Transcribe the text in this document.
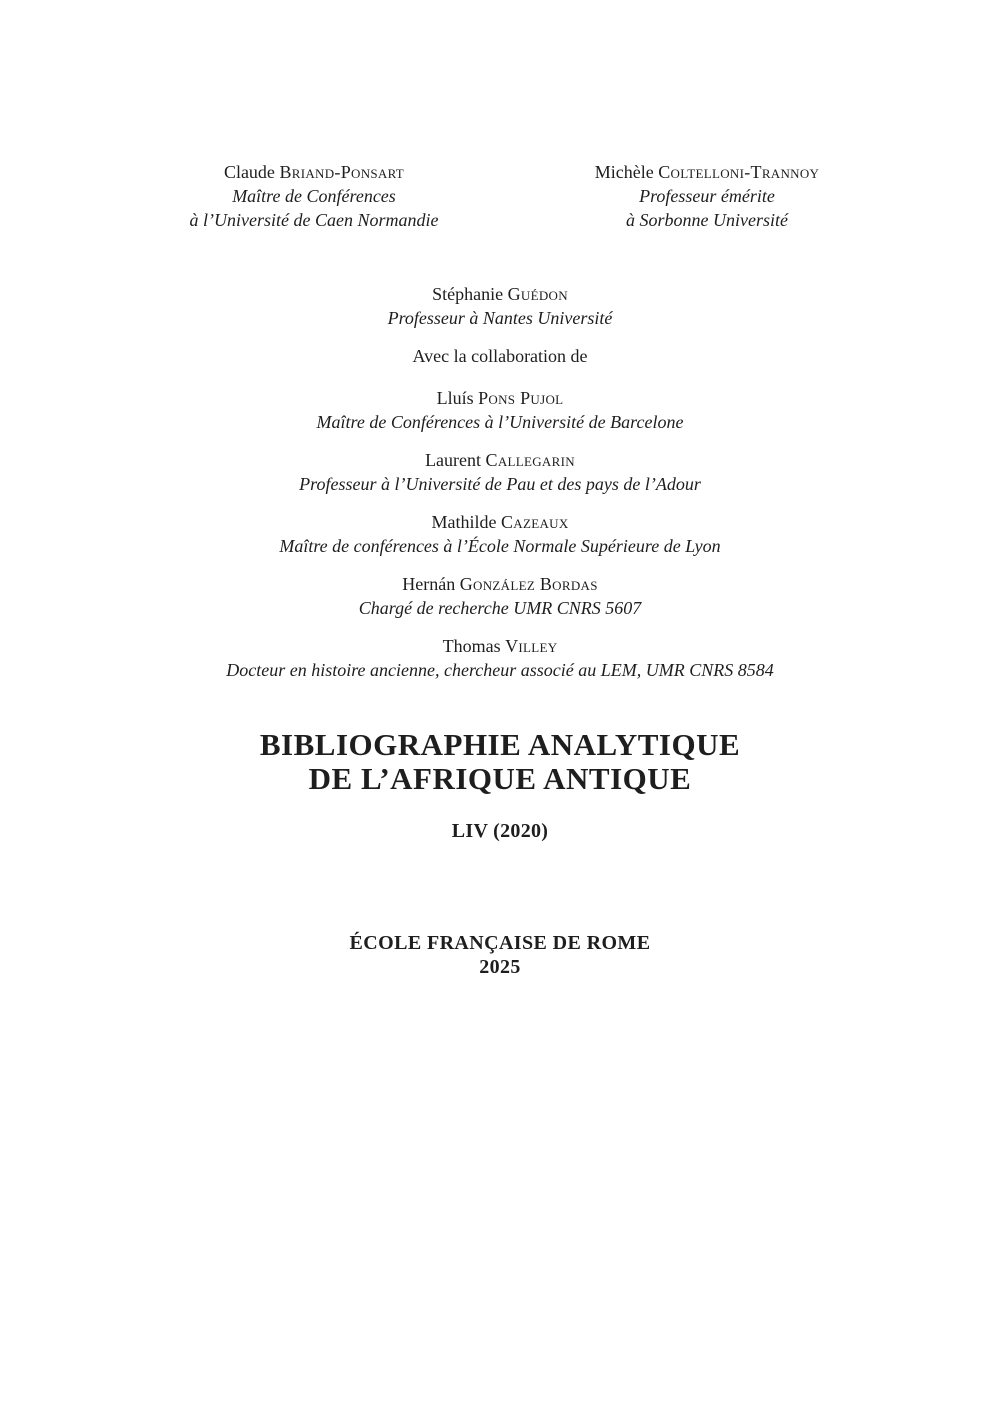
Claude Briand-Ponsart
Maître de Conférences
à l’Université de Caen Normandie
Michèle Coltelloni-Trannoy
Professeur émérite
à Sorbonne Université
Stéphanie Guédon
Professeur à Nantes Université
Avec la collaboration de
Lluís Pons Pujol
Maître de Conférences à l’Université de Barcelone
Laurent Callegarin
Professeur à l’Université de Pau et des pays de l’Adour
Mathilde Cazeaux
Maître de conférences à l’École Normale Supérieure de Lyon
Hernán González Bordas
Chargé de recherche UMR CNRS 5607
Thomas Villey
Docteur en histoire ancienne, chercheur associé au LEM, UMR CNRS 8584
BIBLIOGRAPHIE ANALYTIQUE
DE L’AFRIQUE ANTIQUE
LIV (2020)
ÉCOLE FRANÇAISE DE ROME
2025
